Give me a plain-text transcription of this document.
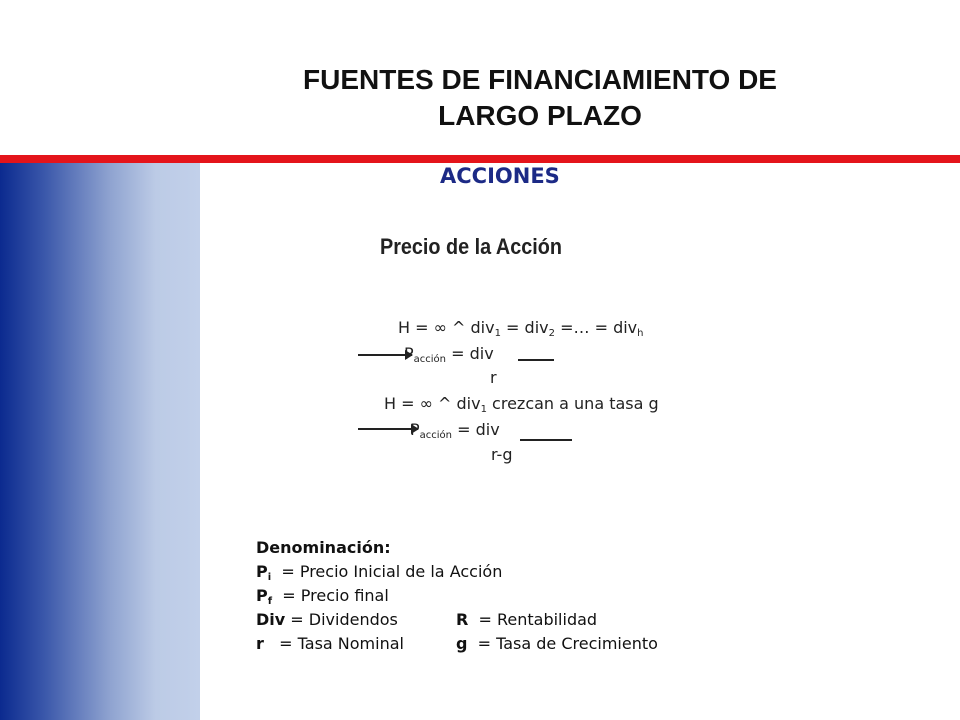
FUENTES DE FINANCIAMIENTO DE
LARGO PLAZO
ACCIONES
Precio de la Acción
H = ∞ ^ div$_1$ = div$_2$ =… = div$_h$
$P_{acción}$ = div
r
H = ∞ ^ div$_1$ crezcan a una tasa g
$P_{acción}$ = div
r-g
Denominación:
$P_i$  = Precio Inicial de la Acción
$P_f$  = Precio final
Div = Dividendos	R  = Rentabilidad
r   = Tasa Nominal	g  = Tasa de Crecimiento
